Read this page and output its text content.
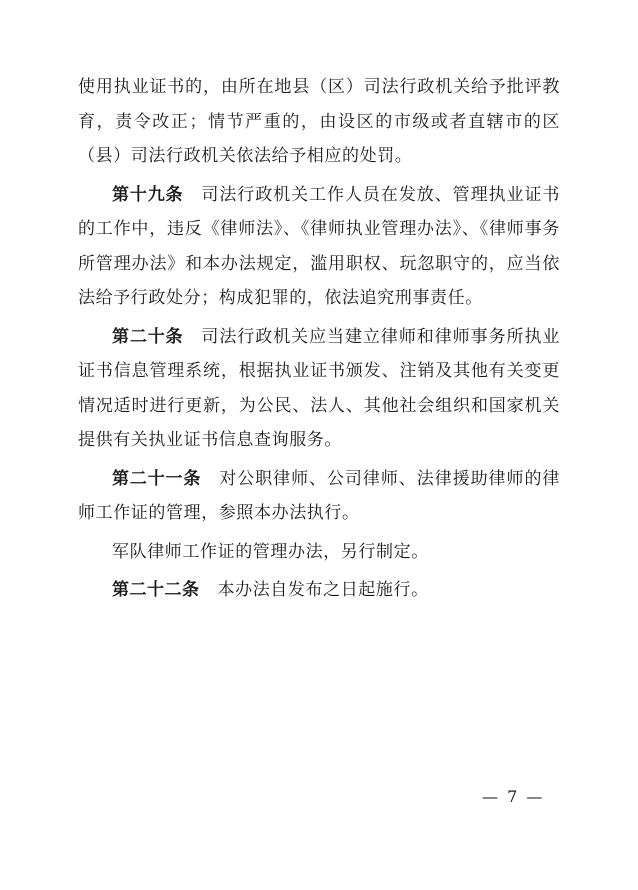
使用执业证书的，由所在地县（区）司法行政机关给予批评教育，责令改正；情节严重的，由设区的市级或者直辖市的区（县）司法行政机关依法给予相应的处罚。

第十九条 司法行政机关工作人员在发放、管理执业证书的工作中，违反《律师法》、《律师执业管理办法》、《律师事务所管理办法》和本办法规定，滥用职权、玩忽职守的，应当依法给予行政处分；构成犯罪的，依法追究刑事责任。

第二十条 司法行政机关应当建立律师和律师事务所执业证书信息管理系统，根据执业证书颁发、注销及其他有关变更情况适时进行更新，为公民、法人、其他社会组织和国家机关提供有关执业证书信息查询服务。

第二十一条 对公职律师、公司律师、法律援助律师的律师工作证的管理，参照本办法执行。

军队律师工作证的管理办法，另行制定。

第二十二条 本办法自发布之日起施行。

— 7 —
